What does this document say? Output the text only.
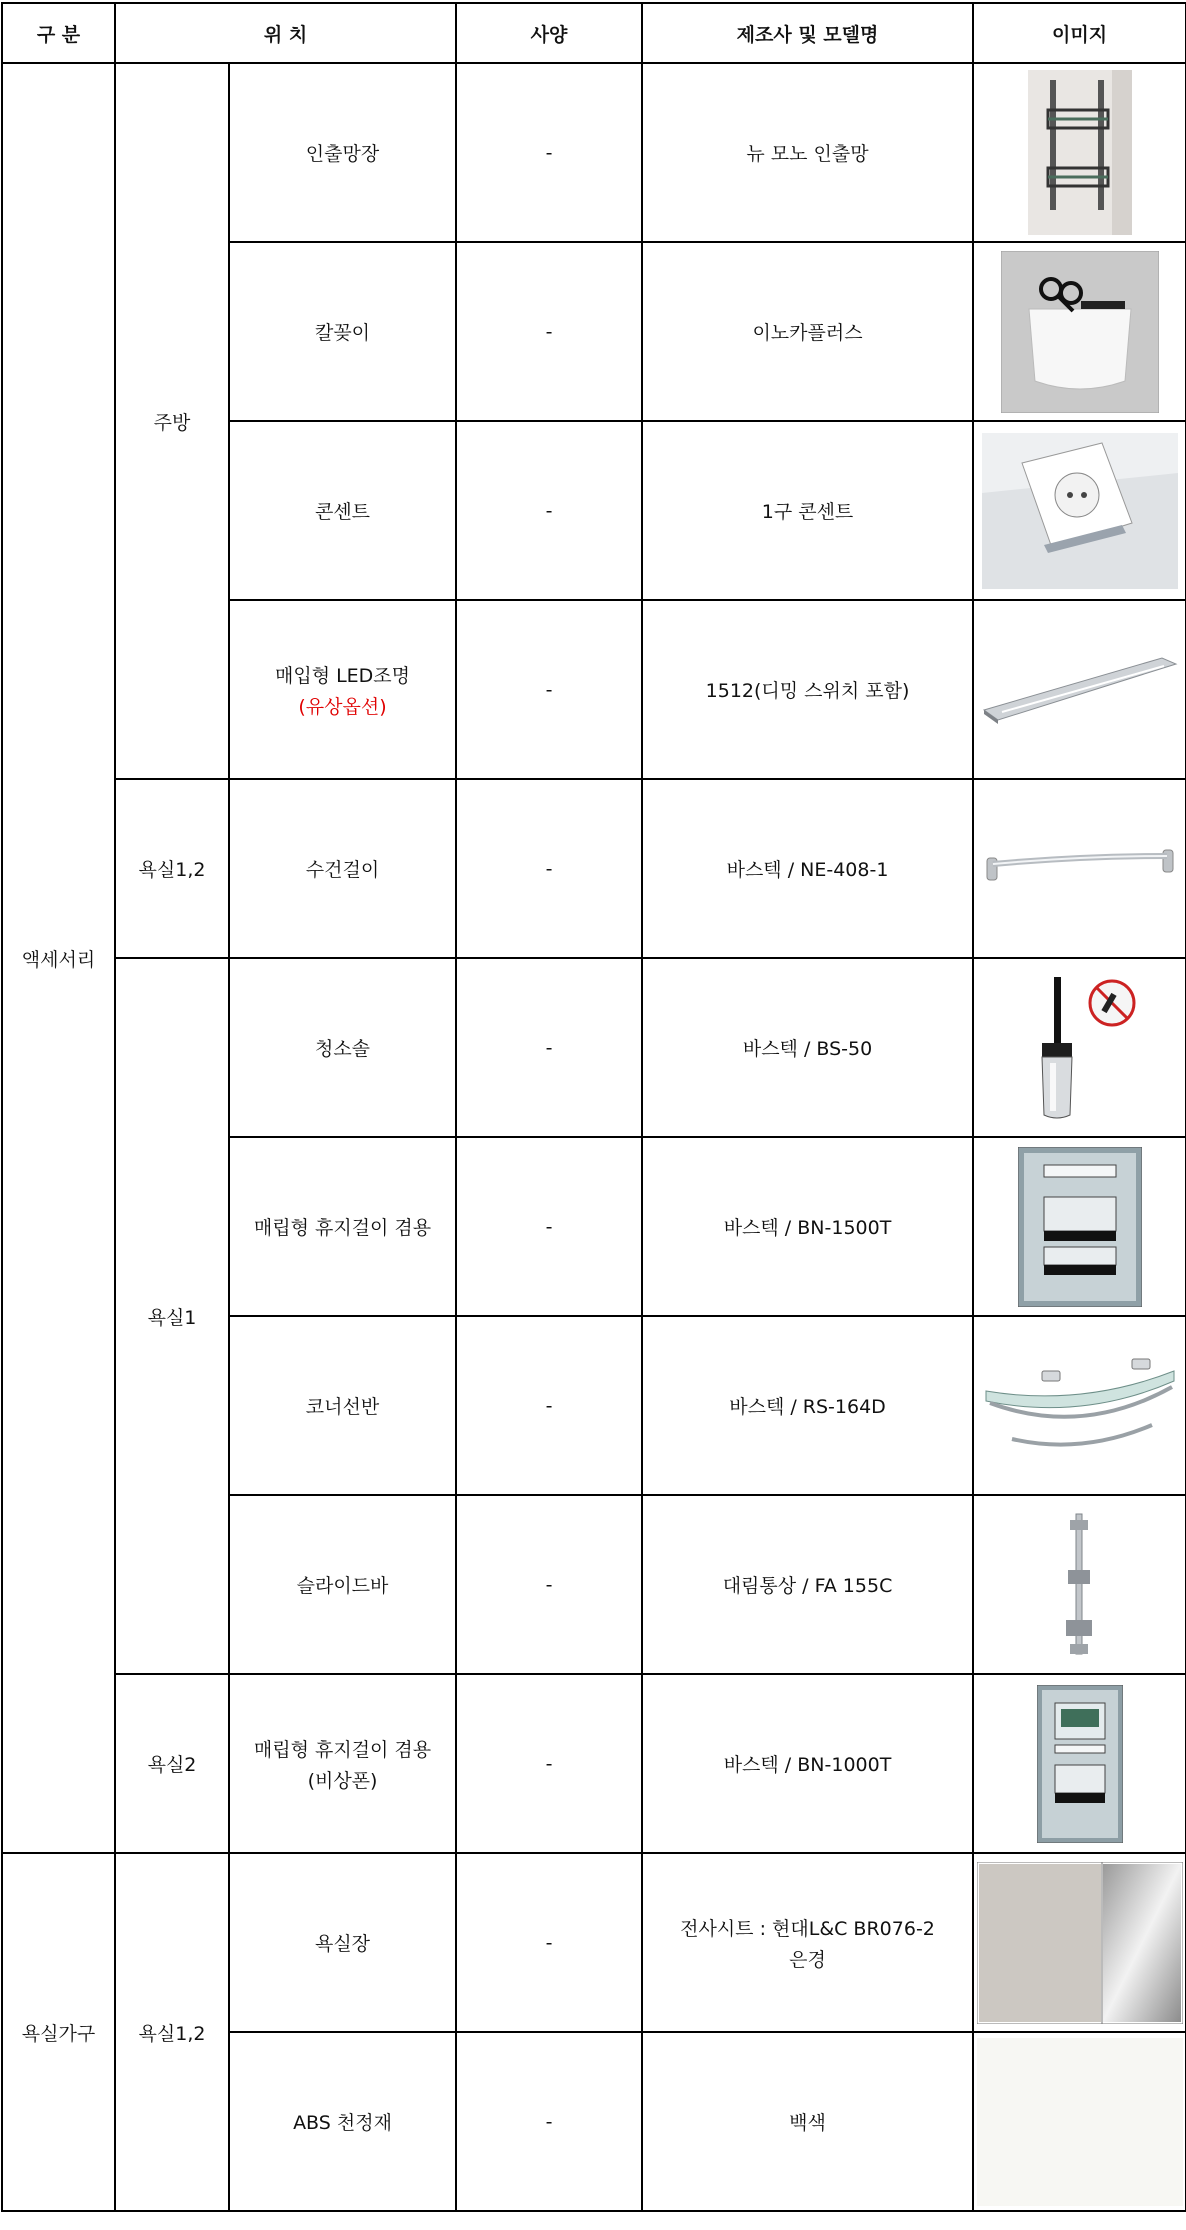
구 분	위 치		사양	제조사 및 모델명	이미지
액세서리	주방	인출망장	-	뉴 모노 인출망	

		칼꽂이	-	이노카플러스	

		콘센트	-	1구 콘센트	

		매입형 LED조명
(유상옵션)	-	1512(디밍 스위치 포함)	

	욕실1,2	수건걸이	-	바스텍 / NE-408-1	

	욕실1	청소솔	-	바스텍 / BS-50	

		매립형 휴지걸이 겸용	-	바스텍 / BN-1500T	

		코너선반	-	바스텍 / RS-164D	

		슬라이드바	-	대림통상 / FA 155C	

	욕실2	매립형 휴지걸이 겸용
(비상폰)	-	바스텍 / BN-1000T	

욕실가구	욕실1,2	욕실장	-	전사시트 : 현대L&C BR076-2
은경

		ABS 천정재	-	백색	
